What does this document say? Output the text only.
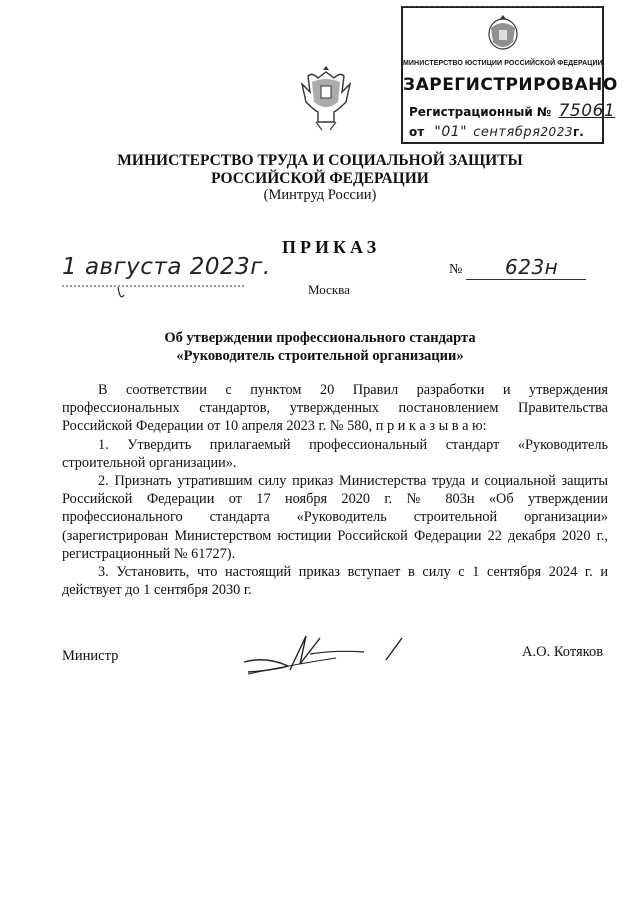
МИНИСТЕРСТВО ЮСТИЦИИ РОССИЙСКОЙ ФЕДЕРАЦИИ
ЗАРЕГИСТРИРОВАНО
Регистрационный № 75061
от "01" сентября2023г.
МИНИСТЕРСТВО ТРУДА И СОЦИАЛЬНОЙ ЗАЩИТЫ
РОССИЙСКОЙ ФЕДЕРАЦИИ
(Минтруд России)
ПРИКАЗ
1 августа 2023г.	№ 623н
Москва
Об утверждении профессионального стандарта
«Руководитель строительной организации»

В соответствии с пунктом 20 Правил разработки и утверждения профессиональных стандартов, утвержденных постановлением Правительства Российской Федерации от 10 апреля 2023 г. № 580, п р и к а з ы в а ю:

1. Утвердить прилагаемый профессиональный стандарт «Руководитель строительной организации».

2. Признать утратившим силу приказ Министерства труда и социальной защиты Российской Федерации от 17 ноября 2020 г. № 803н «Об утверждении профессионального стандарта «Руководитель строительной организации» (зарегистрирован Министерством юстиции Российской Федерации 22 декабря 2020 г., регистрационный № 61727).

3. Установить, что настоящий приказ вступает в силу с 1 сентября 2024 г. и действует до 1 сентября 2030 г.

Министр	А.О. Котяков
